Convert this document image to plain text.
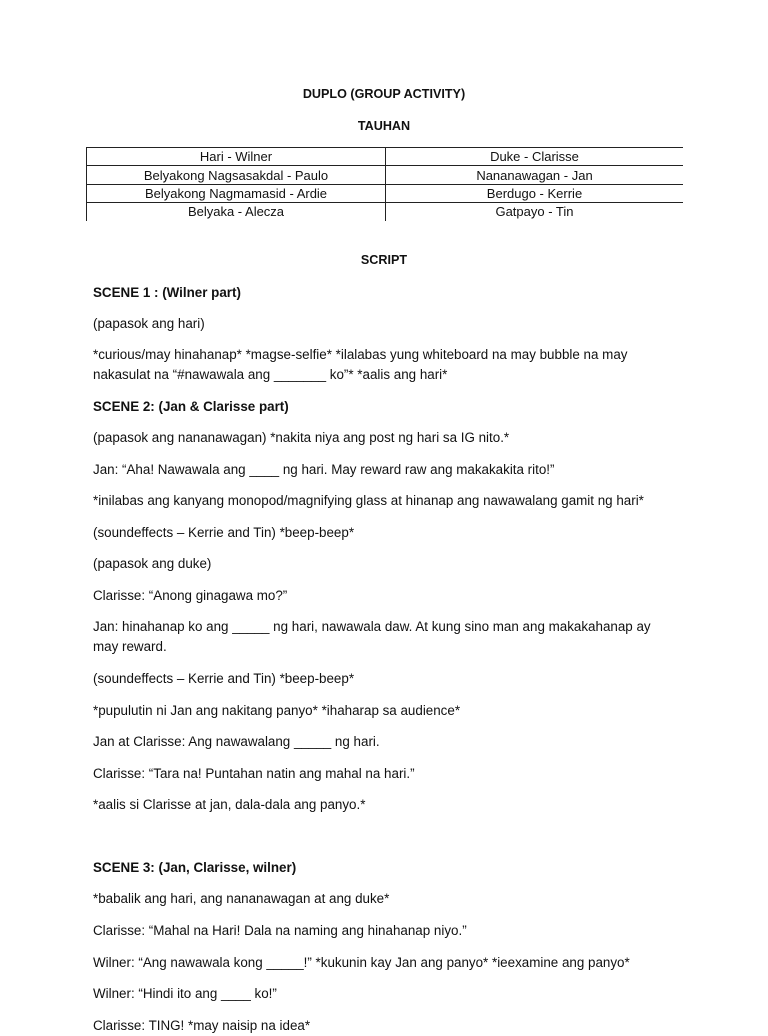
DUPLO (GROUP ACTIVITY)
TAUHAN
Hari - Wilner	Duke - Clarisse
Belyakong Nagsasakdal - Paulo	Nananawagan - Jan
Belyakong Nagmamasid - Ardie	Berdugo - Kerrie
Belyaka - Alecza	Gatpayo - Tin
SCRIPT
SCENE 1 : (Wilner part)
(papasok ang hari)
*curious/may hinahanap* *magse-selfie* *ilalabas yung whiteboard na may bubble na may nakasulat na “#nawawala ang _______ ko”* *aalis ang hari*
SCENE 2: (Jan & Clarisse part)
(papasok ang nananawagan) *nakita niya ang post ng hari sa IG nito.*
Jan: “Aha! Nawawala ang ____ ng hari. May reward raw ang makakakita rito!”
*inilabas ang kanyang monopod/magnifying glass at hinanap ang nawawalang gamit ng hari*
(soundeffects – Kerrie and Tin) *beep-beep*
(papasok ang duke)
Clarisse: “Anong ginagawa mo?”
Jan: hinahanap ko ang _____ ng hari, nawawala daw. At kung sino man ang makakahanap ay may reward.
(soundeffects – Kerrie and Tin) *beep-beep*
*pupulutin ni Jan ang nakitang panyo* *ihaharap sa audience*
Jan at Clarisse: Ang nawawalang _____ ng hari.
Clarisse: “Tara na! Puntahan natin ang mahal na hari.”
*aalis si Clarisse at jan, dala-dala ang panyo.*
SCENE 3: (Jan, Clarisse, wilner)
*babalik ang hari, ang nananawagan at ang duke*
Clarisse: “Mahal na Hari! Dala na naming ang hinahanap niyo.”
Wilner: “Ang nawawala kong _____!” *kukunin kay Jan ang panyo* *ieexamine ang panyo*
Wilner: “Hindi ito ang ____ ko!”
Clarisse: TING! *may naisip na idea*
